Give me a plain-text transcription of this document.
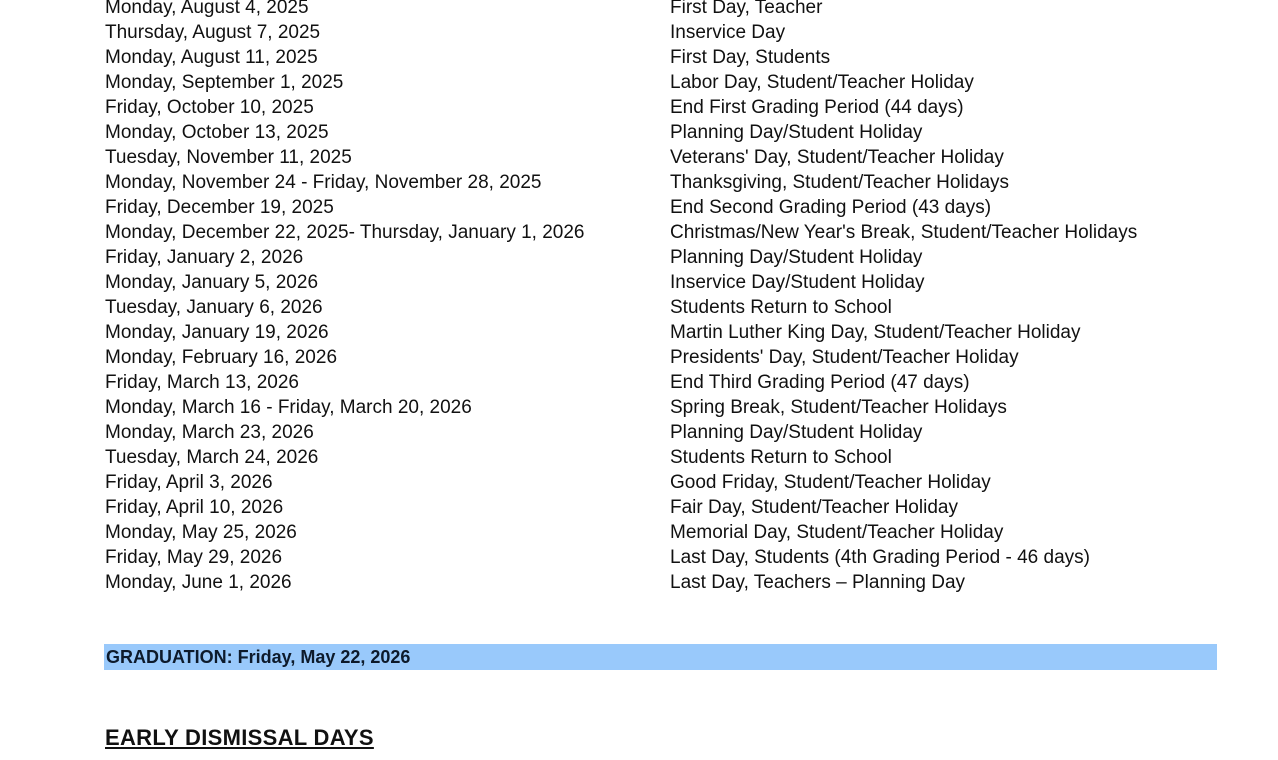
Monday, August 4, 2025	First Day, Teacher
Thursday, August 7, 2025	Inservice Day
Monday, August 11, 2025	First Day, Students
Monday, September 1, 2025	Labor Day, Student/Teacher Holiday
Friday, October 10, 2025	End First Grading Period (44 days)
Monday, October 13, 2025	Planning Day/Student Holiday
Tuesday, November 11, 2025	Veterans' Day, Student/Teacher Holiday
Monday, November 24 - Friday, November 28, 2025	Thanksgiving, Student/Teacher Holidays
Friday, December 19, 2025	End Second Grading Period (43 days)
Monday, December 22, 2025- Thursday, January 1, 2026	Christmas/New Year's Break, Student/Teacher Holidays
Friday, January 2, 2026	Planning Day/Student Holiday
Monday, January 5, 2026	Inservice Day/Student Holiday
Tuesday, January 6, 2026	Students Return to School
Monday, January 19, 2026	Martin Luther King Day, Student/Teacher Holiday
Monday, February 16, 2026	Presidents' Day, Student/Teacher Holiday
Friday, March 13, 2026	End Third Grading Period (47 days)
Monday, March 16 - Friday, March 20, 2026	Spring Break, Student/Teacher Holidays
Monday, March 23, 2026	Planning Day/Student Holiday
Tuesday, March 24, 2026	Students Return to School
Friday, April 3, 2026	Good Friday, Student/Teacher Holiday
Friday, April 10, 2026	Fair Day, Student/Teacher Holiday
Monday, May 25, 2026	Memorial Day, Student/Teacher Holiday
Friday, May 29, 2026	Last Day, Students (4th Grading Period - 46 days)
Monday, June 1, 2026	Last Day, Teachers – Planning Day
GRADUATION: Friday, May 22, 2026
EARLY DISMISSAL DAYS
